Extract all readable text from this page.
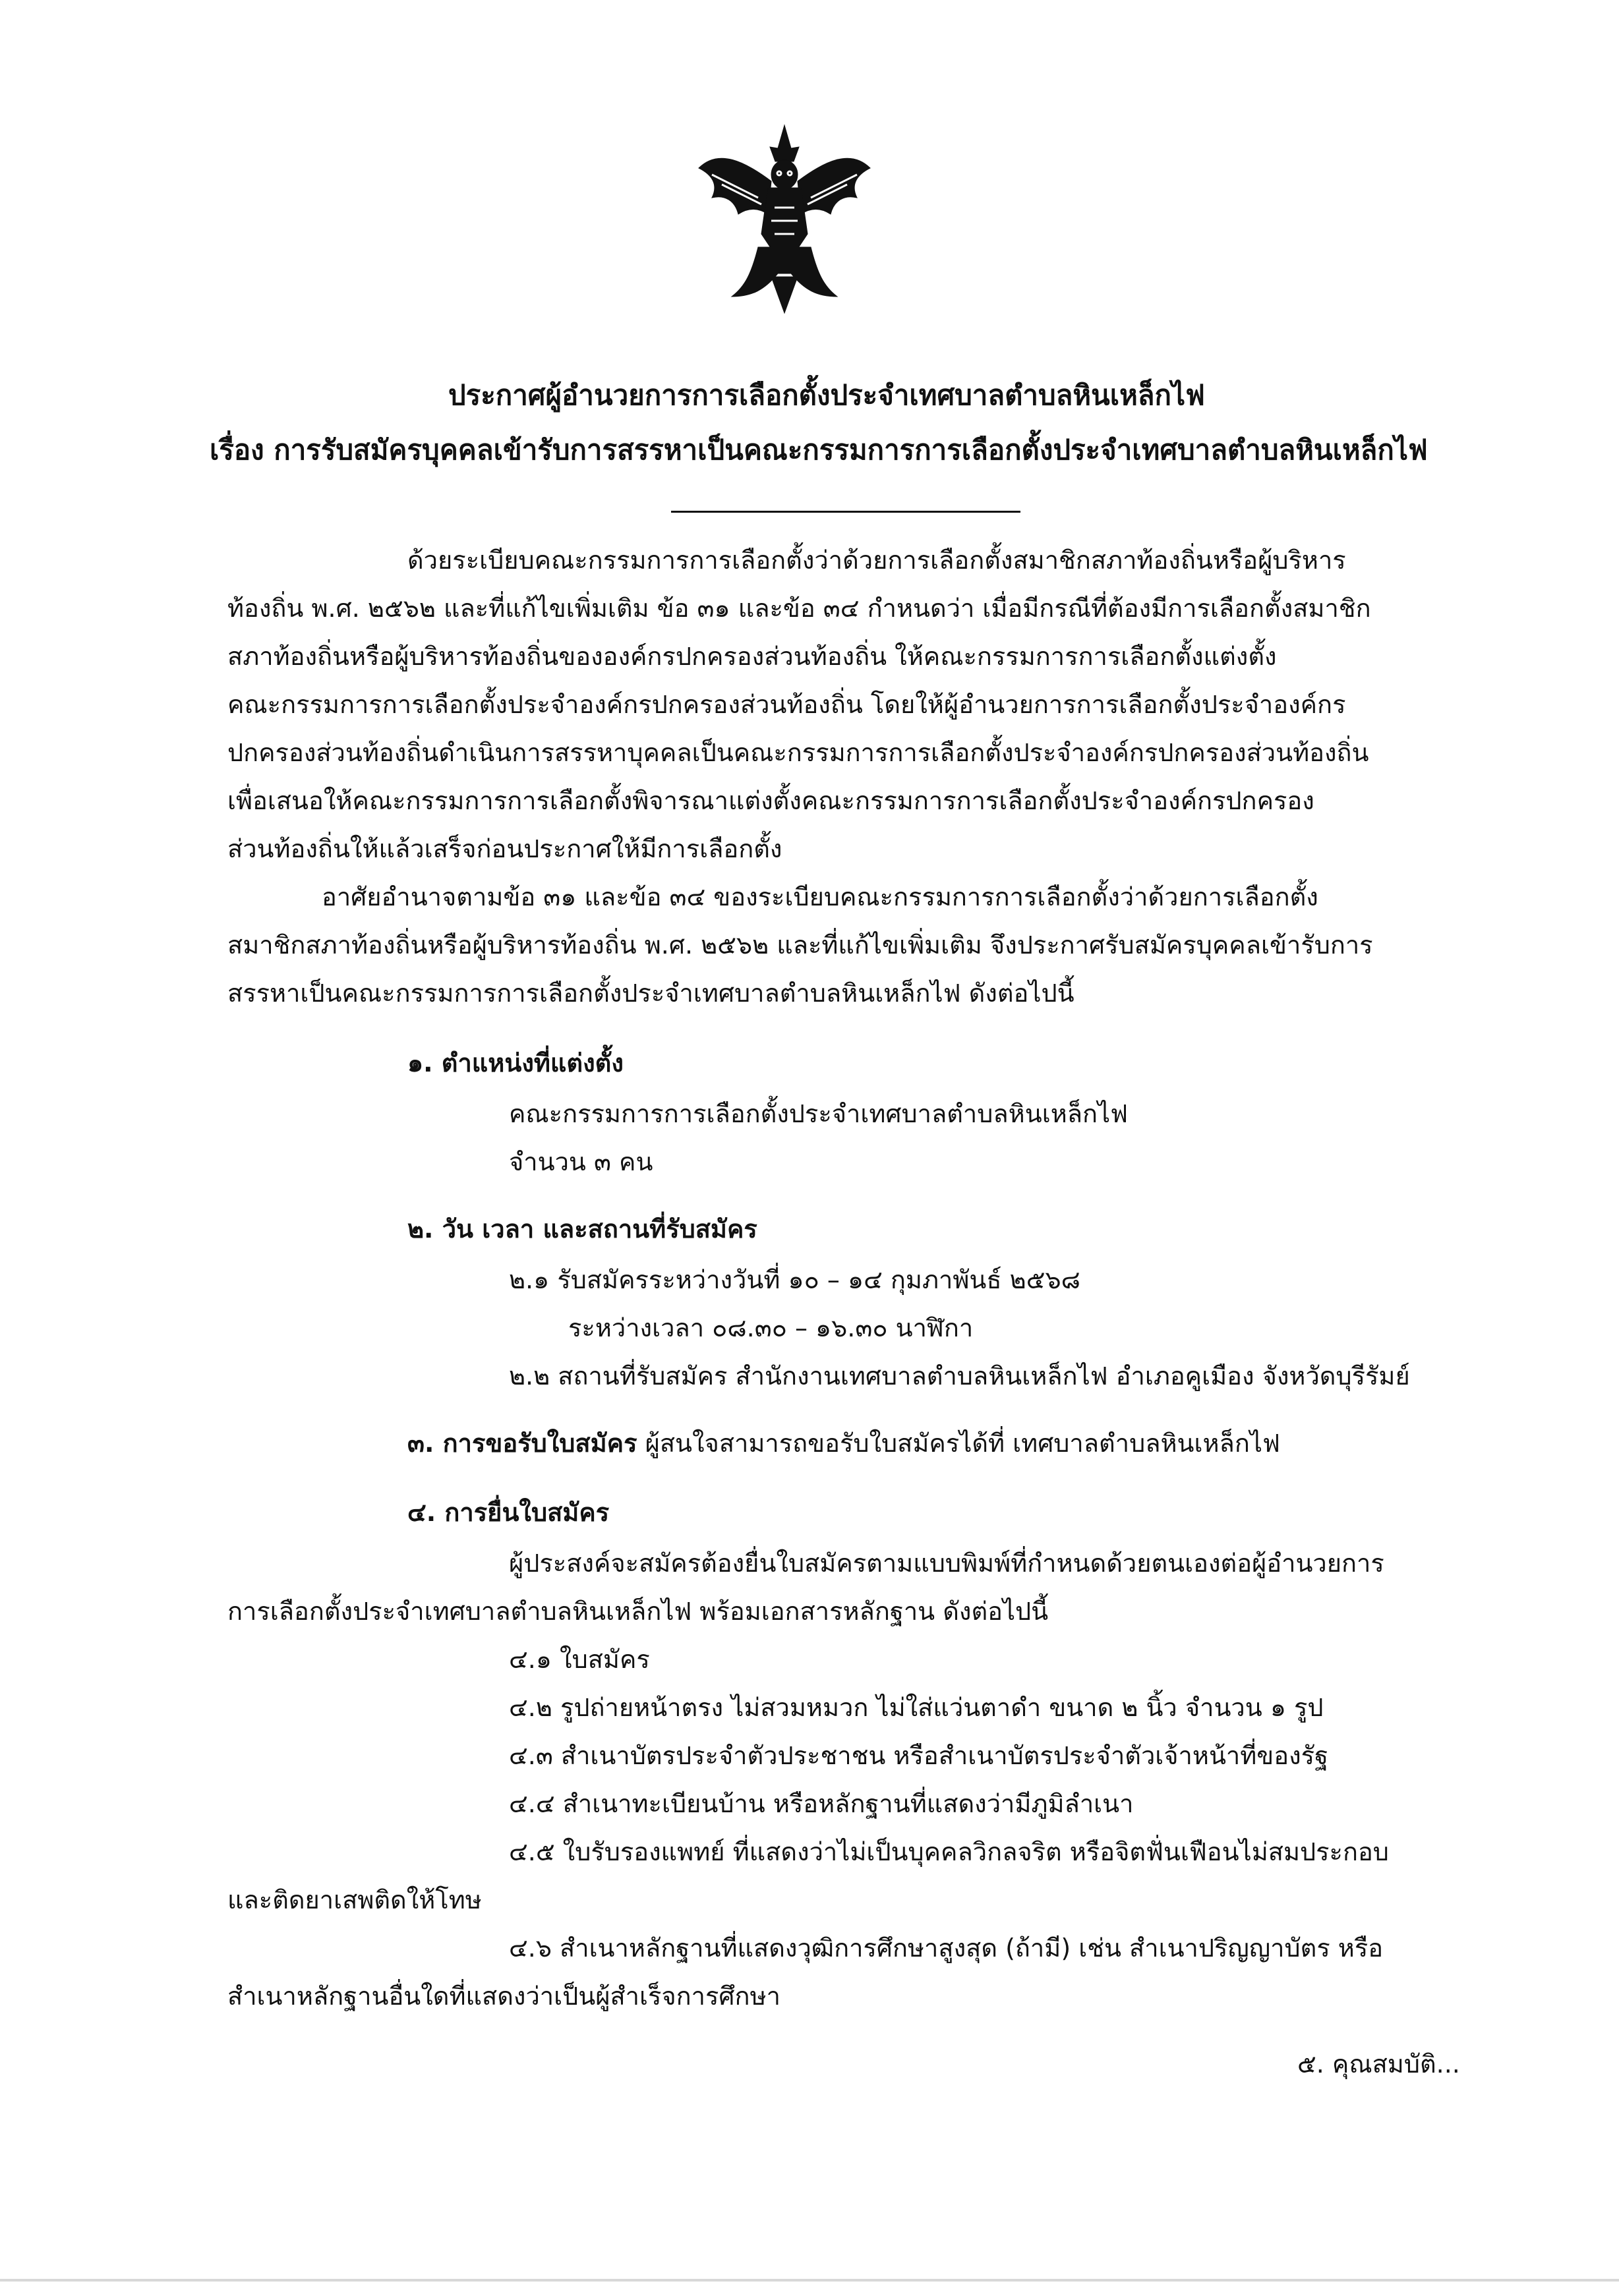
ประกาศผู้อำนวยการการเลือกตั้งประจำเทศบาลตำบลหินเหล็กไฟ
เรื่อง การรับสมัครบุคคลเข้ารับการสรรหาเป็นคณะกรรมการการเลือกตั้งประจำเทศบาลตำบลหินเหล็กไฟ
ด้วยระเบียบคณะกรรมการการเลือกตั้งว่าด้วยการเลือกตั้งสมาชิกสภาท้องถิ่นหรือผู้บริหาร
ท้องถิ่น พ.ศ. ๒๕๖๒ และที่แก้ไขเพิ่มเติม ข้อ ๓๑ และข้อ ๓๔ กำหนดว่า เมื่อมีกรณีที่ต้องมีการเลือกตั้งสมาชิก
สภาท้องถิ่นหรือผู้บริหารท้องถิ่นขององค์กรปกครองส่วนท้องถิ่น ให้คณะกรรมการการเลือกตั้งแต่งตั้ง
คณะกรรมการการเลือกตั้งประจำองค์กรปกครองส่วนท้องถิ่น โดยให้ผู้อำนวยการการเลือกตั้งประจำองค์กร
ปกครองส่วนท้องถิ่นดำเนินการสรรหาบุคคลเป็นคณะกรรมการการเลือกตั้งประจำองค์กรปกครองส่วนท้องถิ่น
เพื่อเสนอให้คณะกรรมการการเลือกตั้งพิจารณาแต่งตั้งคณะกรรมการการเลือกตั้งประจำองค์กรปกครอง
ส่วนท้องถิ่นให้แล้วเสร็จก่อนประกาศให้มีการเลือกตั้ง
อาศัยอำนาจตามข้อ ๓๑ และข้อ ๓๔ ของระเบียบคณะกรรมการการเลือกตั้งว่าด้วยการเลือกตั้ง
สมาชิกสภาท้องถิ่นหรือผู้บริหารท้องถิ่น พ.ศ. ๒๕๖๒ และที่แก้ไขเพิ่มเติม จึงประกาศรับสมัครบุคคลเข้ารับการ
สรรหาเป็นคณะกรรมการการเลือกตั้งประจำเทศบาลตำบลหินเหล็กไฟ ดังต่อไปนี้
๑. ตำแหน่งที่แต่งตั้ง
คณะกรรมการการเลือกตั้งประจำเทศบาลตำบลหินเหล็กไฟ
จำนวน ๓ คน
๒. วัน เวลา และสถานที่รับสมัคร
๒.๑ รับสมัครระหว่างวันที่ ๑๐ – ๑๔ กุมภาพันธ์ ๒๕๖๘
ระหว่างเวลา ๐๘.๓๐ – ๑๖.๓๐ นาฬิกา
๒.๒ สถานที่รับสมัคร สำนักงานเทศบาลตำบลหินเหล็กไฟ อำเภอคูเมือง จังหวัดบุรีรัมย์
๓. การขอรับใบสมัคร ผู้สนใจสามารถขอรับใบสมัครได้ที่ เทศบาลตำบลหินเหล็กไฟ
๔. การยื่นใบสมัคร
ผู้ประสงค์จะสมัครต้องยื่นใบสมัครตามแบบพิมพ์ที่กำหนดด้วยตนเองต่อผู้อำนวยการ
การเลือกตั้งประจำเทศบาลตำบลหินเหล็กไฟ พร้อมเอกสารหลักฐาน ดังต่อไปนี้
๔.๑ ใบสมัคร
๔.๒ รูปถ่ายหน้าตรง ไม่สวมหมวก ไม่ใส่แว่นตาดำ ขนาด ๒ นิ้ว จำนวน ๑ รูป
๔.๓ สำเนาบัตรประจำตัวประชาชน หรือสำเนาบัตรประจำตัวเจ้าหน้าที่ของรัฐ
๔.๔ สำเนาทะเบียนบ้าน หรือหลักฐานที่แสดงว่ามีภูมิลำเนา
๔.๕ ใบรับรองแพทย์ ที่แสดงว่าไม่เป็นบุคคลวิกลจริต หรือจิตฟั่นเฟือนไม่สมประกอบ
และติดยาเสพติดให้โทษ
๔.๖ สำเนาหลักฐานที่แสดงวุฒิการศึกษาสูงสุด (ถ้ามี) เช่น สำเนาปริญญาบัตร หรือ
สำเนาหลักฐานอื่นใดที่แสดงว่าเป็นผู้สำเร็จการศึกษา
๕. คุณสมบัติ...
